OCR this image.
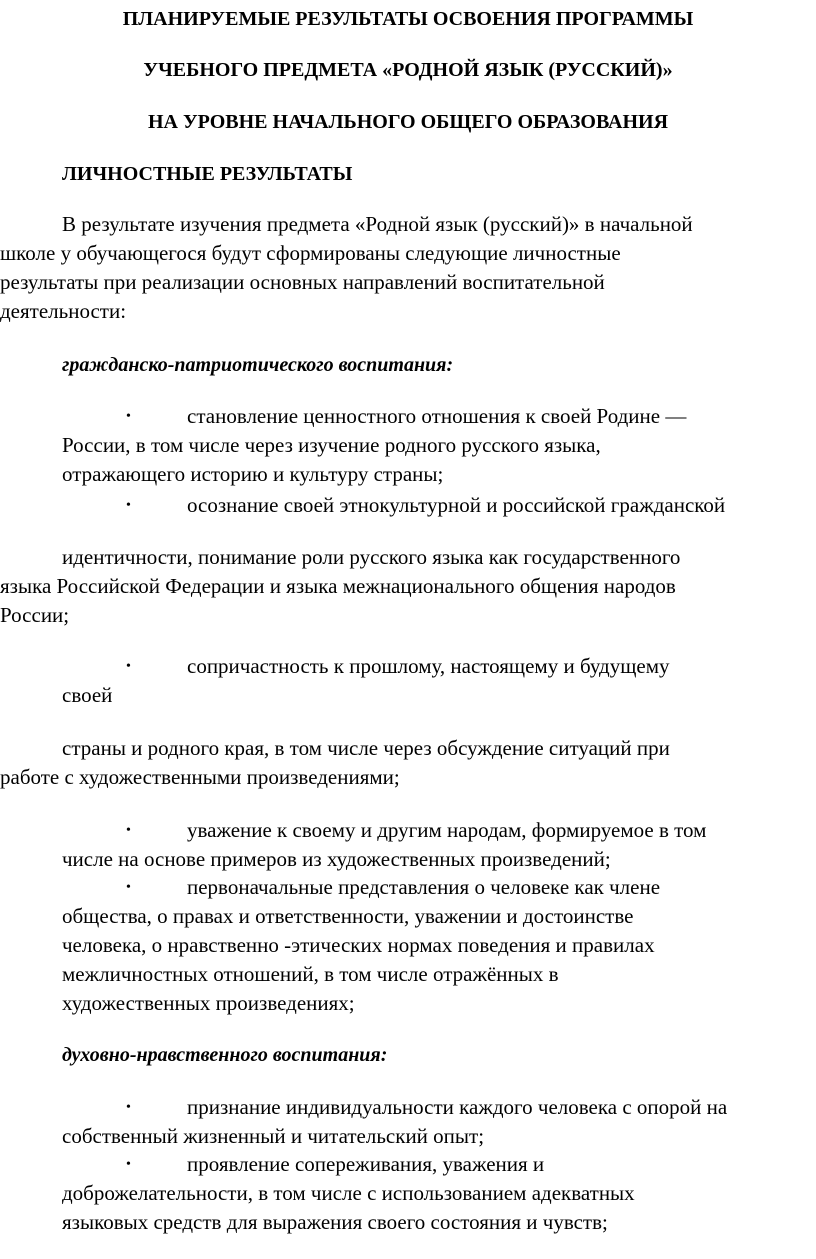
ПЛАНИРУЕМЫЕ РЕЗУЛЬТАТЫ ОСВОЕНИЯ ПРОГРАММЫ
УЧЕБНОГО ПРЕДМЕТА «РОДНОЙ ЯЗЫК (РУССКИЙ)»
НА УРОВНЕ НАЧАЛЬНОГО ОБЩЕГО ОБРАЗОВАНИЯ
ЛИЧНОСТНЫЕ РЕЗУЛЬТАТЫ
В результате изучения предмета «Родной язык (русский)» в начальной
школе у обучающегося будут сформированы следующие личностные
результаты при реализации основных направлений воспитательной
деятельности:
гражданско-патриотического воспитания:
•	становление ценностного отношения к своей Родине —
России, в том числе через изучение родного русского языка,
отражающего историю и культуру страны;
•	осознание своей этнокультурной и российской гражданской
идентичности, понимание роли русского языка как государственного
языка Российской Федерации и языка межнационального общения народов
России;
•	сопричастность к прошлому, настоящему и будущему
своей
страны и родного края, в том числе через обсуждение ситуаций при
работе с художественными произведениями;
•	уважение к своему и другим народам, формируемое в том
числе на основе примеров из художественных произведений;
•	первоначальные представления о человеке как члене
общества, о правах и ответственности, уважении и достоинстве
человека, о нравственно -этических нормах поведения и правилах
межличностных отношений, в том числе отражённых в
художественных произведениях;
духовно-нравственного воспитания:
•	признание индивидуальности каждого человека с опорой на
собственный жизненный и читательский опыт;
•	проявление сопереживания, уважения и
доброжелательности, в том числе с использованием адекватных
языковых средств для выражения своего состояния и чувств;
